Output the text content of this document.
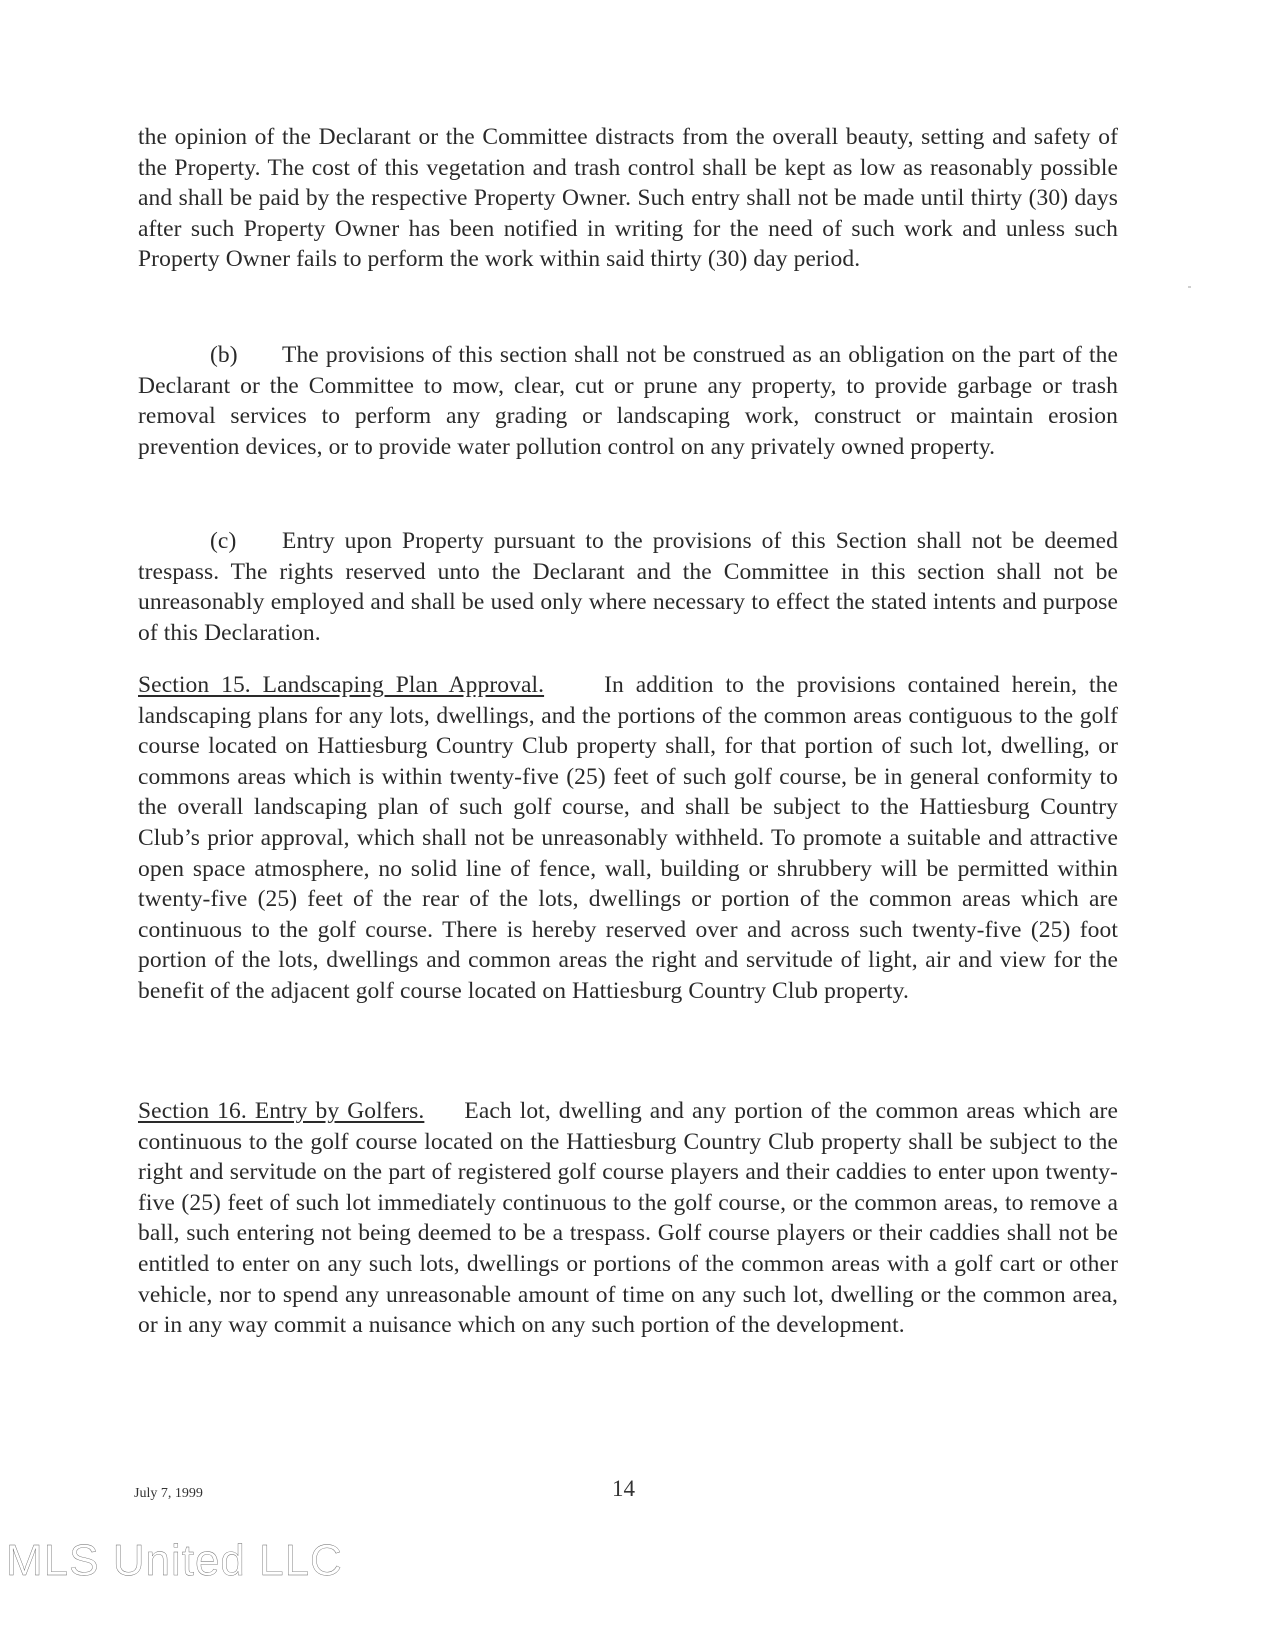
the opinion of the Declarant or the Committee distracts from the overall beauty, setting and safety of the Property. The cost of this vegetation and trash control shall be kept as low as reasonably possible and shall be paid by the respective Property Owner. Such entry shall not be made until thirty (30) days after such Property Owner has been notified in writing for the need of such work and unless such Property Owner fails to perform the work within said thirty (30) day period.

(b) The provisions of this section shall not be construed as an obligation on the part of the Declarant or the Committee to mow, clear, cut or prune any property, to provide garbage or trash removal services to perform any grading or landscaping work, construct or maintain erosion prevention devices, or to provide water pollution control on any privately owned property.

(c) Entry upon Property pursuant to the provisions of this Section shall not be deemed trespass. The rights reserved unto the Declarant and the Committee in this section shall not be unreasonably employed and shall be used only where necessary to effect the stated intents and purpose of this Declaration.

Section 15. Landscaping Plan Approval.	In addition to the provisions contained herein, the landscaping plans for any lots, dwellings, and the portions of the common areas contiguous to the golf course located on Hattiesburg Country Club property shall, for that portion of such lot, dwelling, or commons areas which is within twenty-five (25) feet of such golf course, be in general conformity to the overall landscaping plan of such golf course, and shall be subject to the Hattiesburg Country Club’s prior approval, which shall not be unreasonably withheld. To promote a suitable and attractive open space atmosphere, no solid line of fence, wall, building or shrubbery will be permitted within twenty-five (25) feet of the rear of the lots, dwellings or portion of the common areas which are continuous to the golf course. There is hereby reserved over and across such twenty-five (25) foot portion of the lots, dwellings and common areas the right and servitude of light, air and view for the benefit of the adjacent golf course located on Hattiesburg Country Club property.

Section 16. Entry by Golfers. Each lot, dwelling and any portion of the common areas which are continuous to the golf course located on the Hattiesburg Country Club property shall be subject to the right and servitude on the part of registered golf course players and their caddies to enter upon twenty-five (25) feet of such lot immediately continuous to the golf course, or the common areas, to remove a ball, such entering not being deemed to be a trespass. Golf course players or their caddies shall not be entitled to enter on any such lots, dwellings or portions of the common areas with a golf cart or other vehicle, nor to spend any unreasonable amount of time on any such lot, dwelling or the common area, or in any way commit a nuisance which on any such portion of the development.

July 7, 1999	14
MLS United LLC
